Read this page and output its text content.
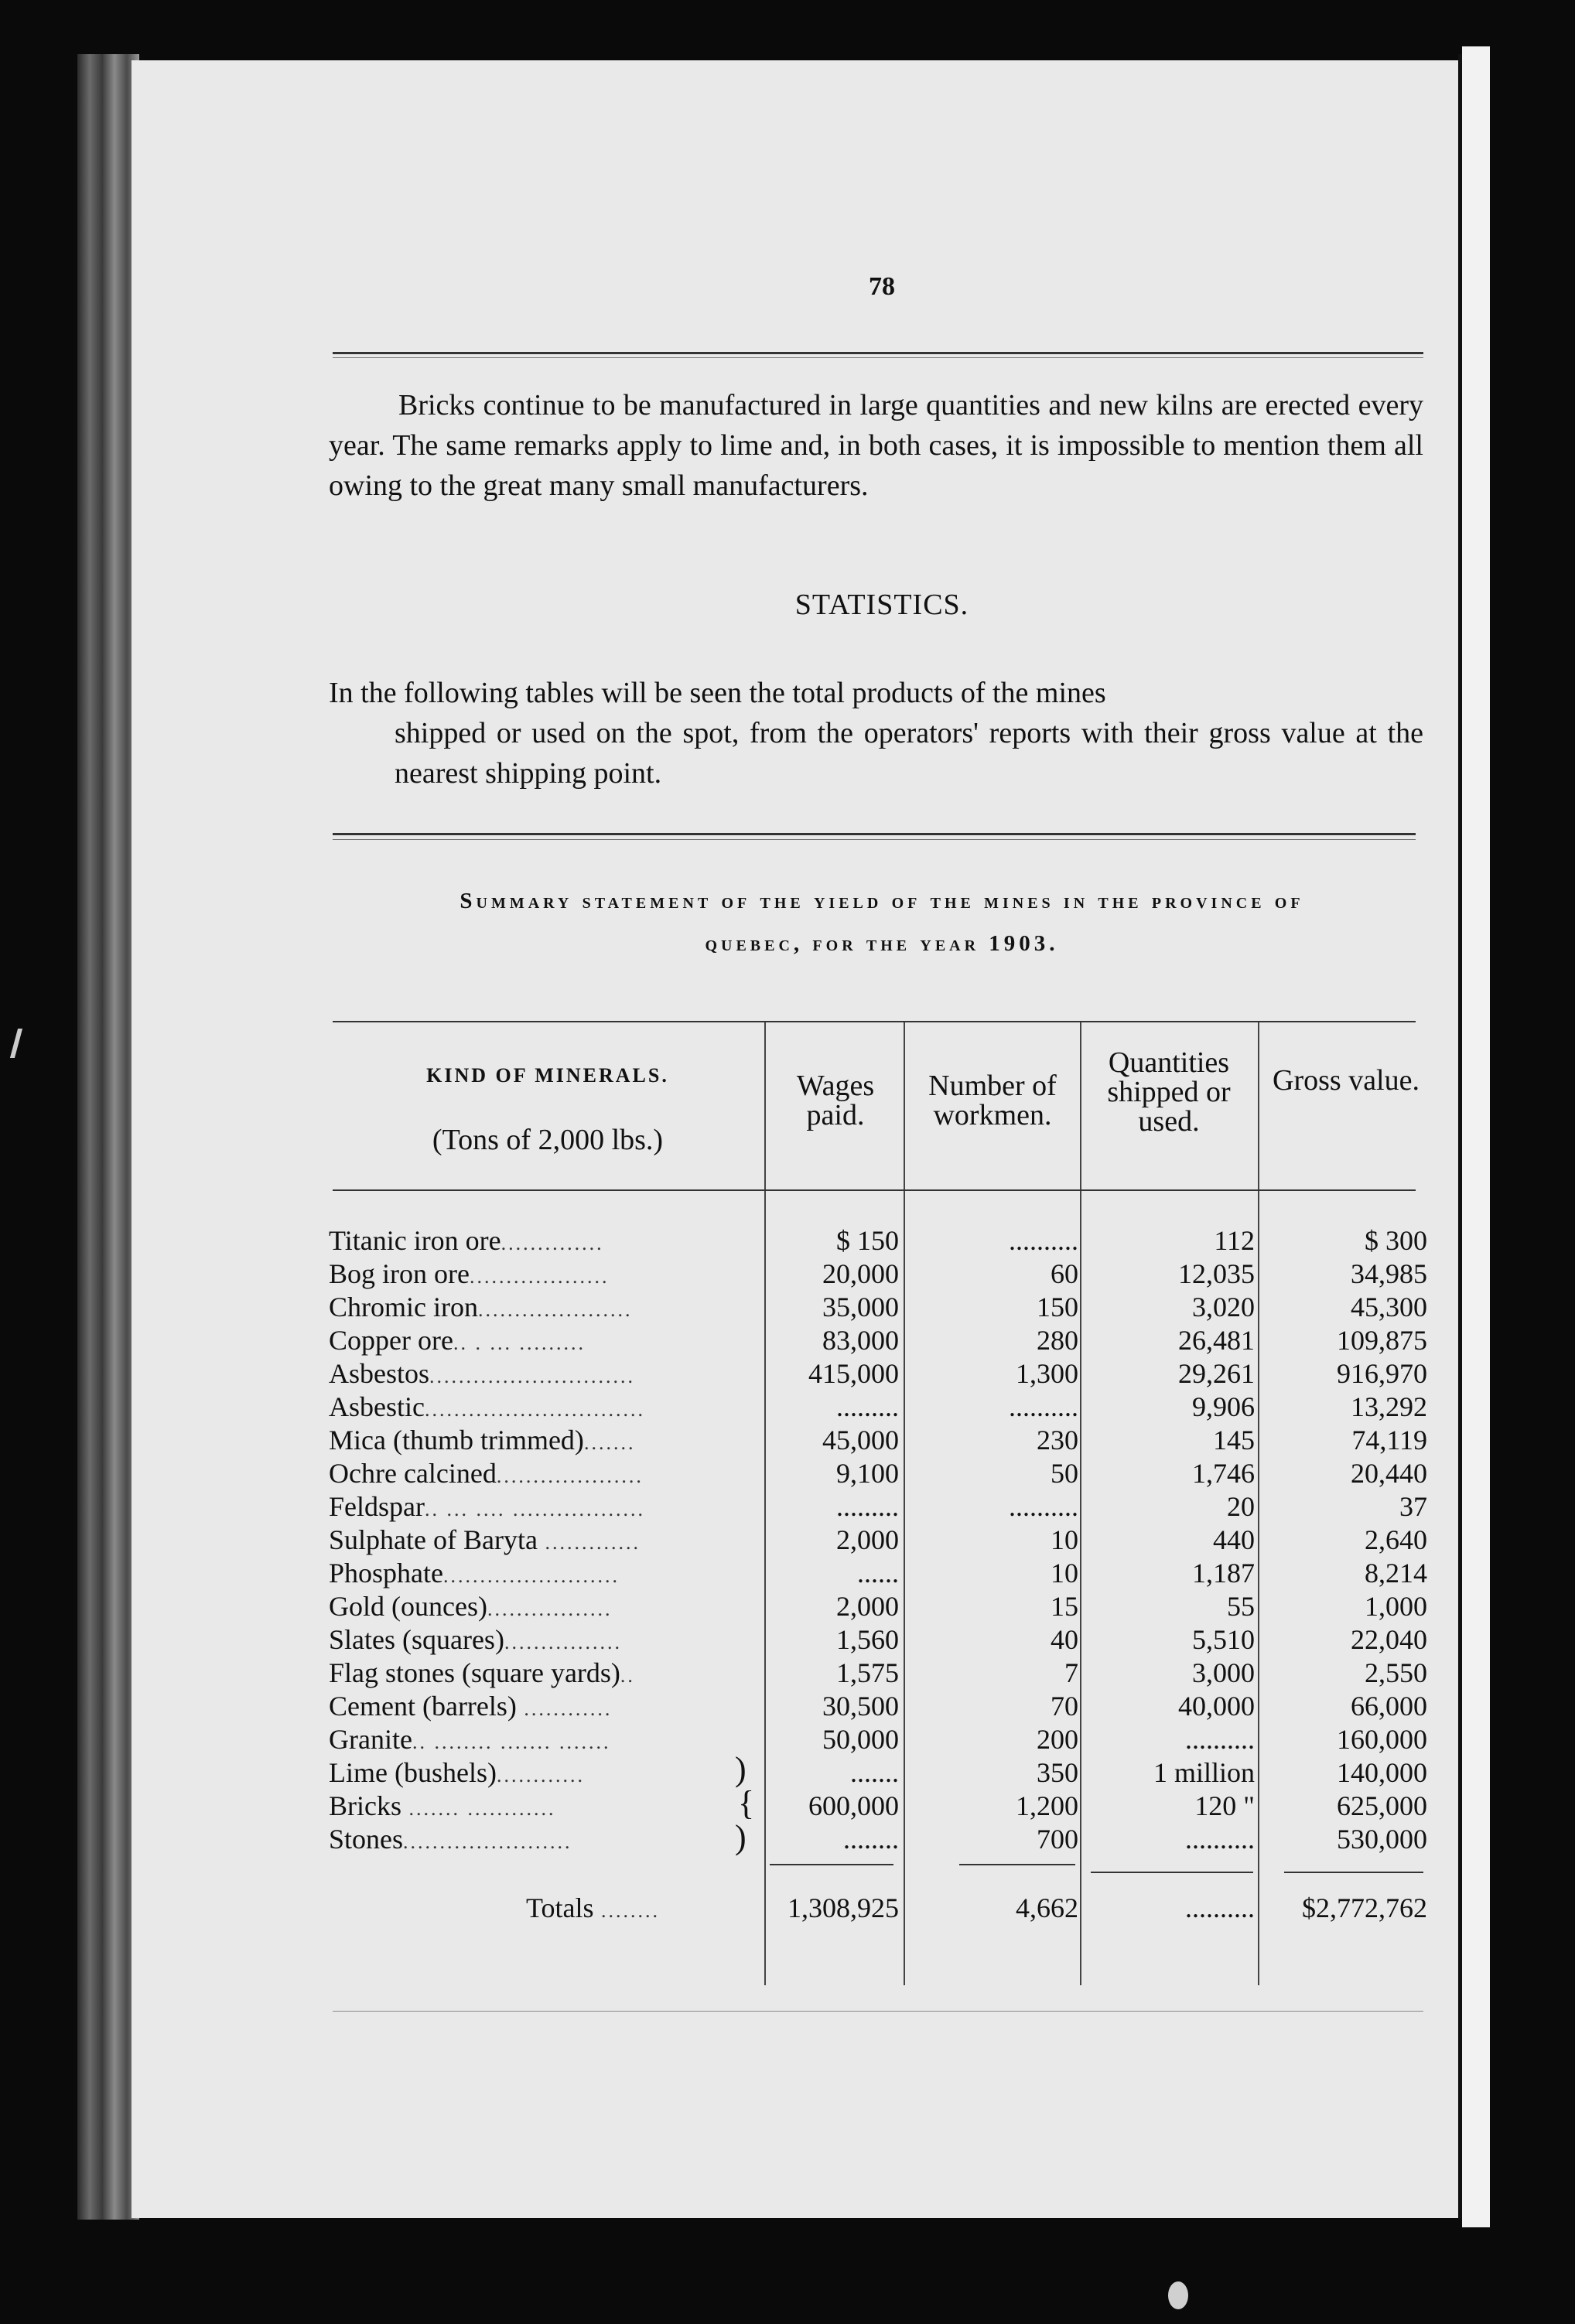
78

Bricks continue to be manufactured in large quantities and new kilns are erected every year. The same remarks apply to lime and, in both cases, it is impossible to mention them all owing to the great many small manufacturers.

STATISTICS.

In the following tables will be seen the total products of the mines
shipped or used on the spot, from the operators' reports with their gross value at the nearest shipping point.

Summary statement of the yield of the mines in the province of
quebec, for the year 1903.
KIND OF MINERALS.
(Tons of 2,000 lbs.)
Wages paid.
Number of workmen.
Quantities shipped or used.
Gross value.
Titanic iron ore..............	$ 150	..........	112	$ 300
Bog iron ore...................	20,000	60	12,035	34,985
Chromic iron.....................	35,000	150	3,020	45,300
Copper ore.. . ... .........	83,000	280	26,481	109,875
Asbestos............................	415,000	1,300	29,261	916,970
Asbestic..............................	.........	..........	9,906	13,292
Mica (thumb trimmed).......	45,000	230	145	74,119
Ochre calcined....................	9,100	50	1,746	20,440
Feldspar.. ... .... ..................	.........	..........	20	37
Sulphate of Baryta .............	2,000	10	440	2,640
Phosphate........................	......	10	1,187	8,214
Gold (ounces).................	2,000	15	55	1,000
Slates (squares)................	1,560	40	5,510	22,040
Flag stones (square yards)..	1,575	7	3,000	2,550
Cement (barrels) ............	30,500	70	40,000	66,000
Granite.. ........ ....... .......	50,000	200	..........	160,000
Lime (bushels)............	.......	350	1 million	140,000
Bricks ....... ............	600,000	1,200	120 "	625,000
Stones.......................	........	700	..........	530,000
)
{
)
Totals ........	1,308,925	4,662	..........	$2,772,762
